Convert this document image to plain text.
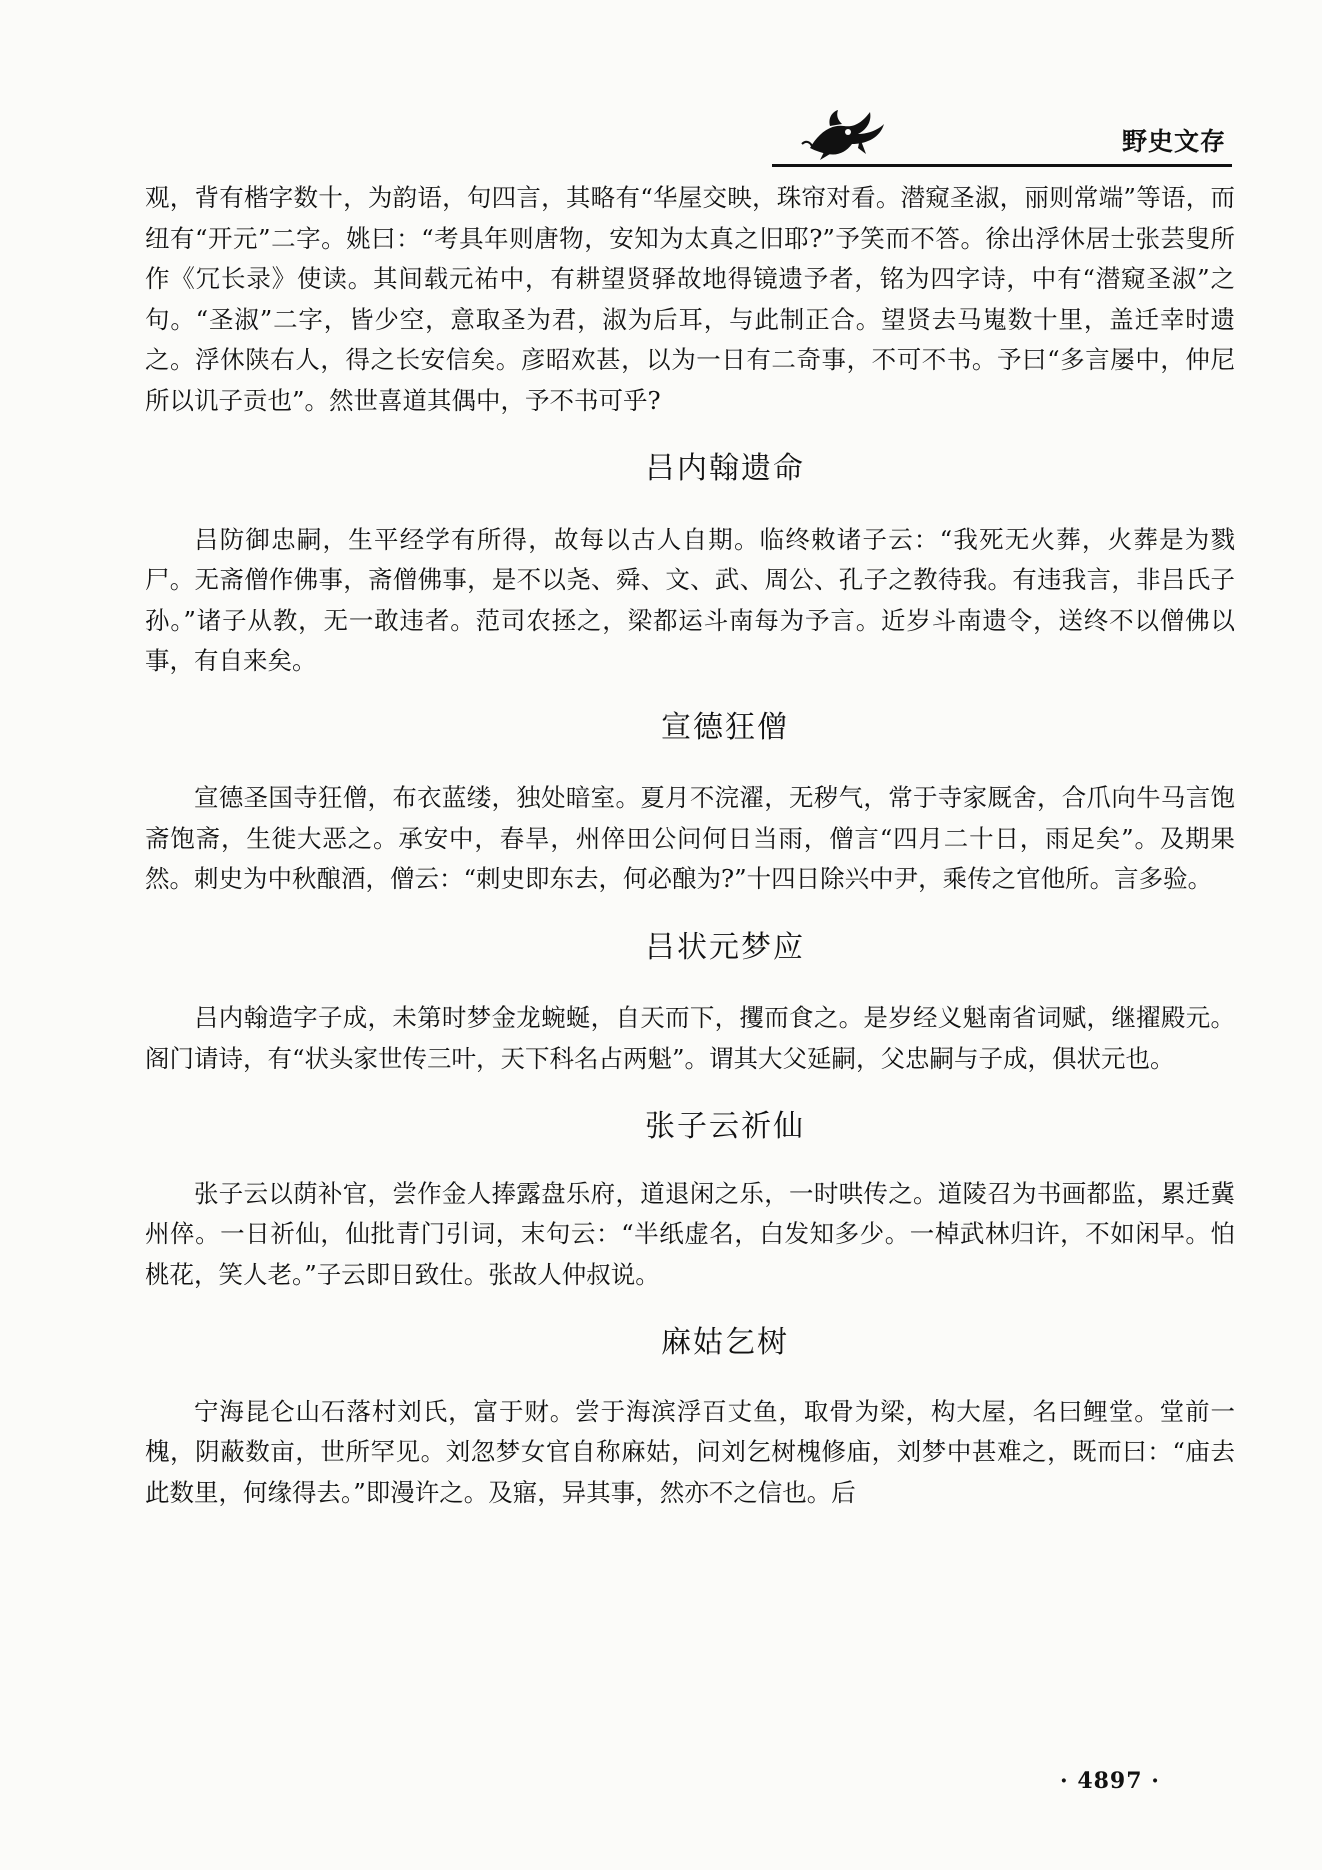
野史文存

观，背有楷字数十，为韵语，句四言，其略有“华屋交映，珠帘对看。潜窥圣淑，丽则常端”等语，而纽有“开元”二字。姚曰：“考具年则唐物，安知为太真之旧耶?”予笑而不答。徐出浮休居士张芸叟所作《冗长录》使读。其间载元祐中，有耕望贤驿故地得镜遗予者，铭为四字诗，中有“潜窥圣淑”之句。“圣淑”二字，皆少空，意取圣为君，淑为后耳，与此制正合。望贤去马嵬数十里，盖迁幸时遗之。浮休陕右人，得之长安信矣。彦昭欢甚，以为一日有二奇事，不可不书。予曰“多言屡中，仲尼所以讥子贡也”。然世喜道其偶中，予不书可乎?

吕内翰遗命

吕防御忠嗣，生平经学有所得，故每以古人自期。临终敕诸子云：“我死无火葬，火葬是为戮尸。无斋僧作佛事，斋僧佛事，是不以尧、舜、文、武、周公、孔子之教待我。有违我言，非吕氏子孙。”诸子从教，无一敢违者。范司农拯之，梁都运斗南每为予言。近岁斗南遗令，送终不以僧佛以事，有自来矣。

宣德狂僧

宣德圣国寺狂僧，布衣蓝缕，独处暗室。夏月不浣濯，无秽气，常于寺家厩舍，合爪向牛马言饱斋饱斋，生徙大恶之。承安中，春旱，州倅田公问何日当雨，僧言“四月二十日，雨足矣”。及期果然。刺史为中秋酿酒，僧云：“刺史即东去，何必酿为?”十四日除兴中尹，乘传之官他所。言多验。

吕状元梦应

吕内翰造字子成，未第时梦金龙蜿蜒，自天而下，攫而食之。是岁经义魁南省词赋，继擢殿元。阁门请诗，有“状头家世传三叶，天下科名占两魁”。谓其大父延嗣，父忠嗣与子成，俱状元也。

张子云祈仙

张子云以荫补官，尝作金人捧露盘乐府，道退闲之乐，一时哄传之。道陵召为书画都监，累迁冀州倅。一日祈仙，仙批青门引词，末句云：“半纸虚名，白发知多少。一棹武林归许，不如闲早。怕桃花，笑人老。”子云即日致仕。张故人仲叔说。

麻姑乞树

宁海昆仑山石落村刘氏，富于财。尝于海滨浮百丈鱼，取骨为梁，构大屋，名曰鲤堂。堂前一槐，阴蔽数亩，世所罕见。刘忽梦女官自称麻姑，问刘乞树槐修庙，刘梦中甚难之，既而曰：“庙去此数里，何缘得去。”即漫许之。及寤，异其事，然亦不之信也。后

· 4897 ·
